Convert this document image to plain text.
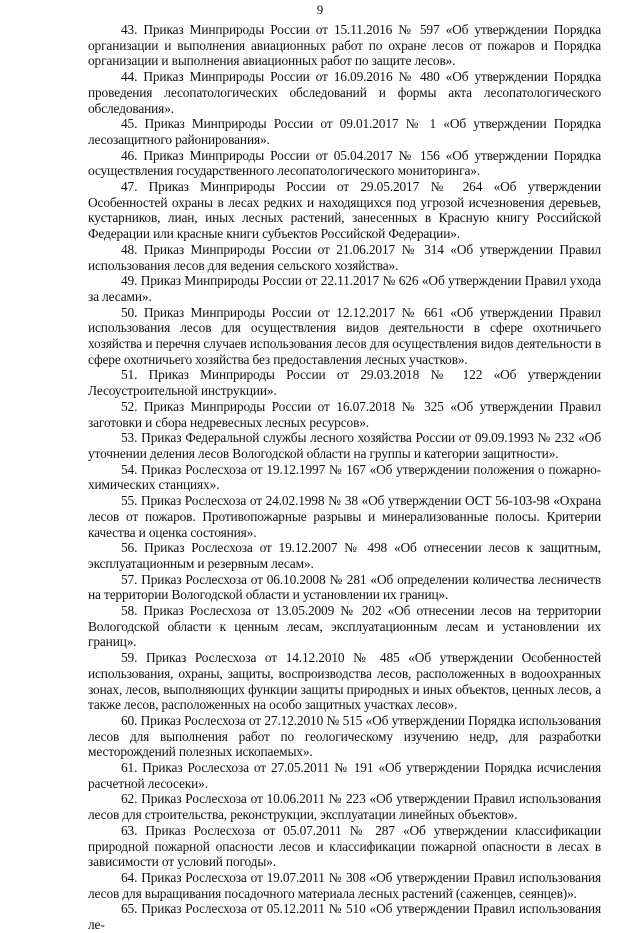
9

43. Приказ Минприроды России от 15.11.2016 № 597 «Об утверждении Порядка организации и выполнения авиационных работ по охране лесов от пожаров и Порядка организации и выполнения авиационных работ по защите лесов».

44. Приказ Минприроды России от 16.09.2016 № 480 «Об утверждении Порядка проведения лесопатологических обследований и формы акта лесопатологического обследования».

45. Приказ Минприроды России от 09.01.2017 № 1 «Об утверждении Порядка лесозащитного районирования».

46. Приказ Минприроды России от 05.04.2017 № 156 «Об утверждении Порядка осуществления государственного лесопатологического мониторинга».

47. Приказ Минприроды России от 29.05.2017 № 264 «Об утверждении Особенностей охраны в лесах редких и находящихся под угрозой исчезновения деревьев, кустарников, лиан, иных лесных растений, занесенных в Красную книгу Российской Федерации или красные книги субъектов Российской Федерации».

48. Приказ Минприроды России от 21.06.2017 № 314 «Об утверждении Правил использования лесов для ведения сельского хозяйства».

49. Приказ Минприроды России от 22.11.2017 № 626 «Об утверждении Правил ухода за лесами».

50. Приказ Минприроды России от 12.12.2017 № 661 «Об утверждении Правил использования лесов для осуществления видов деятельности в сфере охотничьего хозяйства и перечня случаев использования лесов для осуществления видов деятельности в сфере охотничьего хозяйства без предоставления лесных участков».

51. Приказ Минприроды России от 29.03.2018 № 122 «Об утверждении Лесоустроительной инструкции».

52. Приказ Минприроды России от 16.07.2018 № 325 «Об утверждении Правил заготовки и сбора недревесных лесных ресурсов».

53. Приказ Федеральной службы лесного хозяйства России от 09.09.1993 № 232 «Об уточнении деления лесов Вологодской области на группы и категории защитности».

54. Приказ Рослесхоза от 19.12.1997 № 167 «Об утверждении положения о пожарно-химических станциях».

55. Приказ Рослесхоза от 24.02.1998 № 38 «Об утверждении ОСТ 56-103-98 «Охрана лесов от пожаров. Противопожарные разрывы и минерализованные полосы. Критерии качества и оценка состояния».

56. Приказ Рослесхоза от 19.12.2007 № 498 «Об отнесении лесов к защитным, эксплуатационным и резервным лесам».

57. Приказ Рослесхоза от 06.10.2008 № 281 «Об определении количества лесничеств на территории Вологодской области и установлении их границ».

58. Приказ Рослесхоза от 13.05.2009 № 202 «Об отнесении лесов на территории Вологодской области к ценным лесам, эксплуатационным лесам и установлении их границ».

59. Приказ Рослесхоза от 14.12.2010 № 485 «Об утверждении Особенностей использования, охраны, защиты, воспроизводства лесов, расположенных в водоохранных зонах, лесов, выполняющих функции защиты природных и иных объектов, ценных лесов, а также лесов, расположенных на особо защитных участках лесов».

60. Приказ Рослесхоза от 27.12.2010 № 515 «Об утверждении Порядка использования лесов для выполнения работ по геологическому изучению недр, для разработки месторождений полезных ископаемых».

61. Приказ Рослесхоза от 27.05.2011 № 191 «Об утверждении Порядка исчисления расчетной лесосеки».

62. Приказ Рослесхоза от 10.06.2011 № 223 «Об утверждении Правил использования лесов для строительства, реконструкции, эксплуатации линейных объектов».

63. Приказ Рослесхоза от 05.07.2011 № 287 «Об утверждении классификации природной пожарной опасности лесов и классификации пожарной опасности в лесах в зависимости от условий погоды».

64. Приказ Рослесхоза от 19.07.2011 № 308 «Об утверждении Правил использования лесов для выращивания посадочного материала лесных растений (саженцев, сеянцев)».

65. Приказ Рослесхоза от 05.12.2011 № 510 «Об утверждении Правил использования ле-
